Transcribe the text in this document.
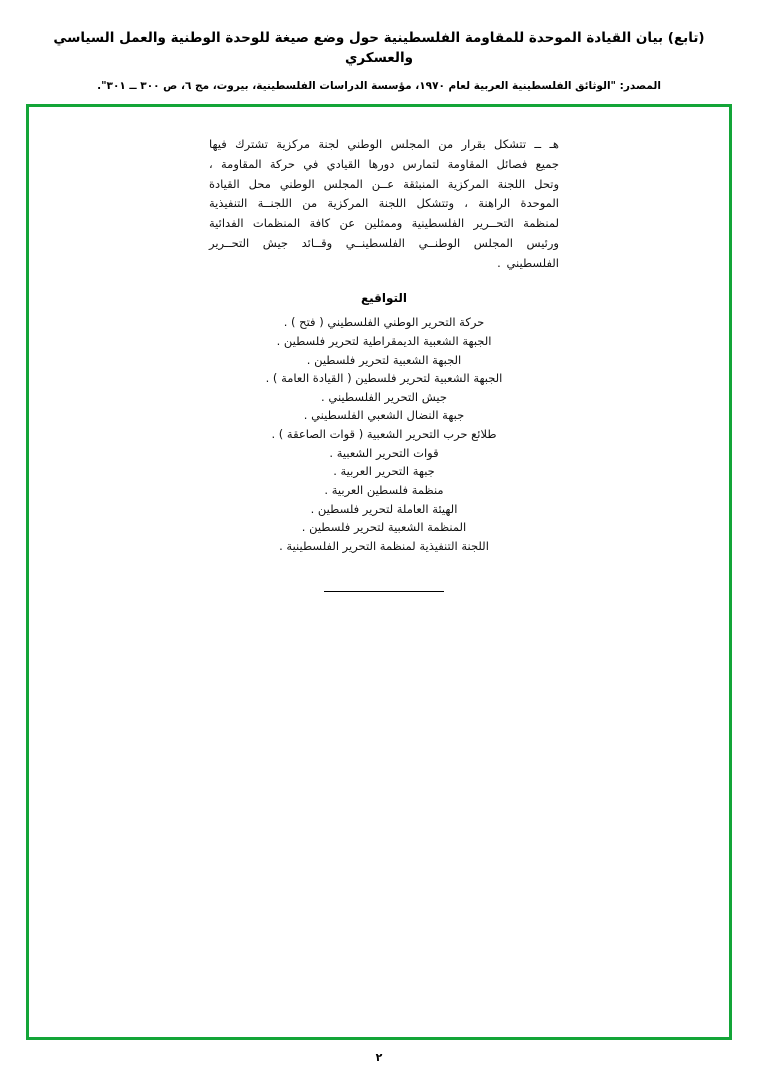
(تابع) بيان القيادة الموحدة للمقاومة الفلسطينية حول وضع صيغة للوحدة الوطنية والعمل السياسي والعسكري
المصدر: "الوثائق الفلسطينية العربية لعام ١٩٧٠، مؤسسة الدراسات الفلسطينية، بيروت، مج ٦، ص ٣٠٠ ــ ٣٠١".
هـ ــ تتشكل بقرار من المجلس الوطني لجنة مركزية تشترك فيها جميع فصائل المقاومة لتمارس دورها القيادي في حركة المقاومة ، وتحل اللجنة المركزية المنبثقة عــن المجلس الوطني محل القيادة الموحدة الراهنة ، وتتشكل اللجنة المركزية من اللجنــة التنفيذية لمنظمة التحــرير الفلسطينية وممثلين عن كافة المنظمات الفدائية ورئيس المجلس الوطنــي الفلسطينــي وقــائد جيش التحــرير الفلسطيني .
التواقيع
حركة التحرير الوطني الفلسطيني ( فتح ) .
الجبهة الشعبية الديمقراطية لتحرير فلسطين .
الجبهة الشعبية لتحرير فلسطين .
الجبهة الشعبية لتحرير فلسطين ( القيادة العامة ) .
جيش التحرير الفلسطيني .
جبهة النضال الشعبي الفلسطيني .
طلائع حرب التحرير الشعبية ( قوات الصاعقة ) .
قوات التحرير الشعبية .
جبهة التحرير العربية .
منظمة فلسطين العربية .
الهيئة العاملة لتحرير فلسطين .
المنظمة الشعبية لتحرير فلسطين .
اللجنة التنفيذية لمنظمة التحرير الفلسطينية .
٢
